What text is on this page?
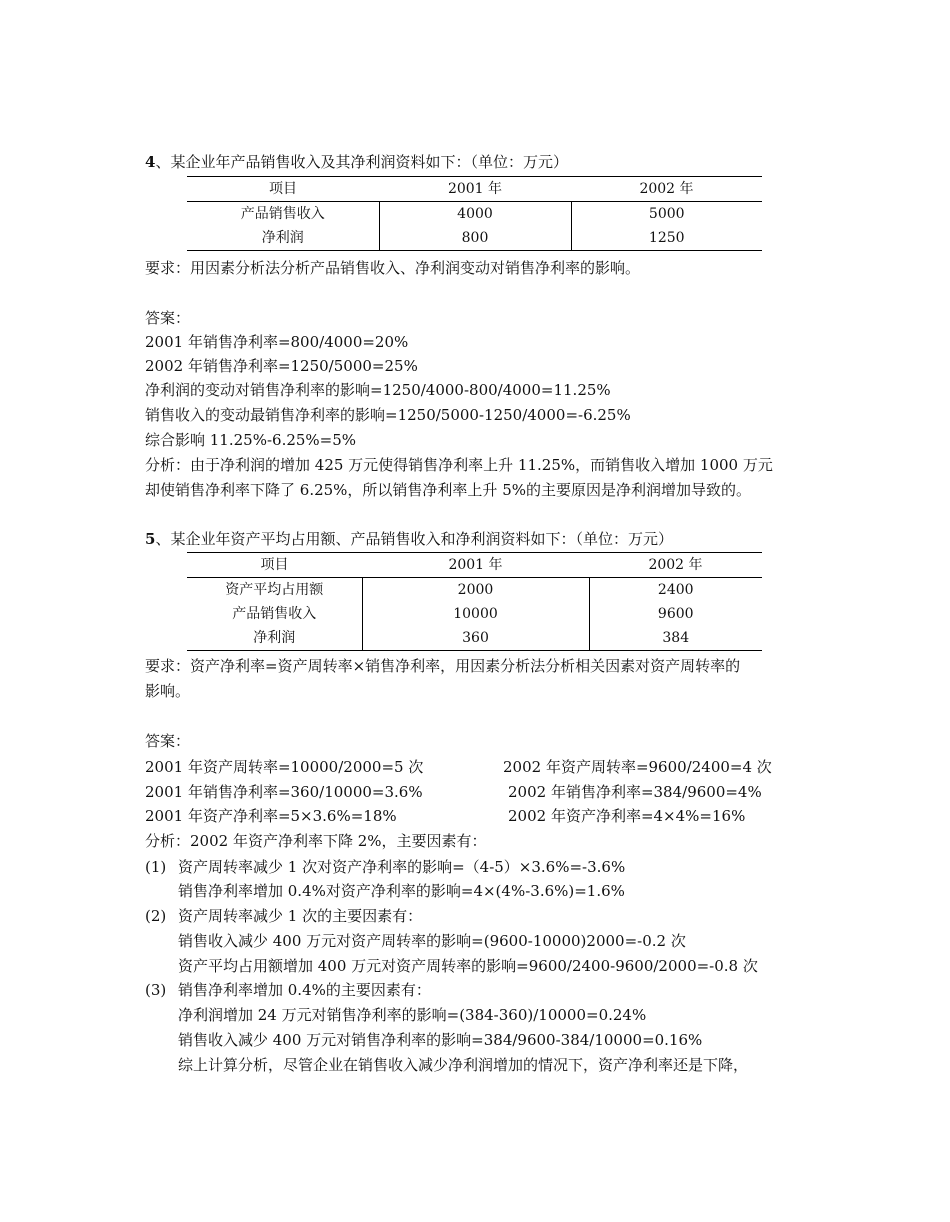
4、某企业年产品销售收入及其净利润资料如下：（单位：万元）
项目	2001 年	2002 年
产品销售收入	4000	5000
净利润	800	1250
要求：用因素分析法分析产品销售收入、净利润变动对销售净利率的影响。
答案：
2001 年销售净利率=800/4000=20%
2002 年销售净利率=1250/5000=25%
净利润的变动对销售净利率的影响=1250/4000-800/4000=11.25%
销售收入的变动最销售净利率的影响=1250/5000-1250/4000=-6.25%
综合影响 11.25%-6.25%=5%
分析：由于净利润的增加 425 万元使得销售净利率上升 11.25%，而销售收入增加 1000 万元
却使销售净利率下降了 6.25%，所以销售净利率上升 5%的主要原因是净利润增加导致的。
5、某企业年资产平均占用额、产品销售收入和净利润资料如下：（单位：万元）
项目	2001 年	2002 年
资产平均占用额	2000	2400
产品销售收入	10000	9600
净利润	360	384
要求：资产净利率=资产周转率×销售净利率，用因素分析法分析相关因素对资产周转率的
影响。
答案：
2001 年资产周转率=10000/2000=5 次	2002 年资产周转率=9600/2400=4 次
2001 年销售净利率=360/10000=3.6%	2002 年销售净利率=384/9600=4%
2001 年资产净利率=5×3.6%=18%	2002 年资产净利率=4×4%=16%
分析：2002 年资产净利率下降 2%，主要因素有：
(1) 资产周转率减少 1 次对资产净利率的影响=（4-5）×3.6%=-3.6%
销售净利率增加 0.4%对资产净利率的影响=4×(4%-3.6%)=1.6%
(2) 资产周转率减少 1 次的主要因素有：
销售收入减少 400 万元对资产周转率的影响=(9600-10000)2000=-0.2 次
资产平均占用额增加 400 万元对资产周转率的影响=9600/2400-9600/2000=-0.8 次
(3) 销售净利率增加 0.4%的主要因素有：
净利润增加 24 万元对销售净利率的影响=(384-360)/10000=0.24%
销售收入减少 400 万元对销售净利率的影响=384/9600-384/10000=0.16%
综上计算分析，尽管企业在销售收入减少净利润增加的情况下，资产净利率还是下降，
